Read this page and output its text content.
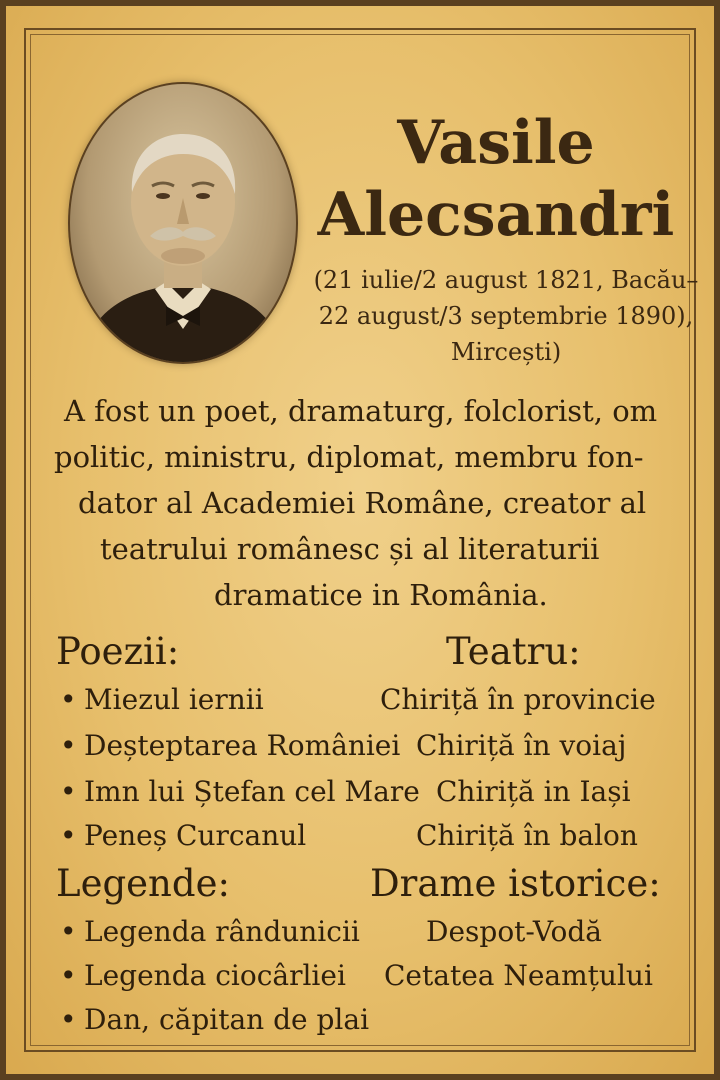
Vasile
Alecsandri
(21 iulie/2 august 1821, Bacău–
22 august/3 septembrie 1890),
Mircești)
A fost un poet, dramaturg, folclorist, om
politic, ministru, diplomat, membru fon-
dator al Academiei Române, creator al
teatrului românesc și al literaturii
dramatice in România.
Poezii:
• Miezul iernii
• Deșteptarea României
• Imn lui Ștefan cel Mare
• Peneș Curcanul
Teatru:
Chiriță în provincie
Chiriță în voiaj
Chiriță in Iași
Chiriță în balon
Legende:
• Legenda rândunicii
• Legenda ciocârliei
• Dan, căpitan de plai
Drame istorice:
Despot-Vodă
Cetatea Neamțului
